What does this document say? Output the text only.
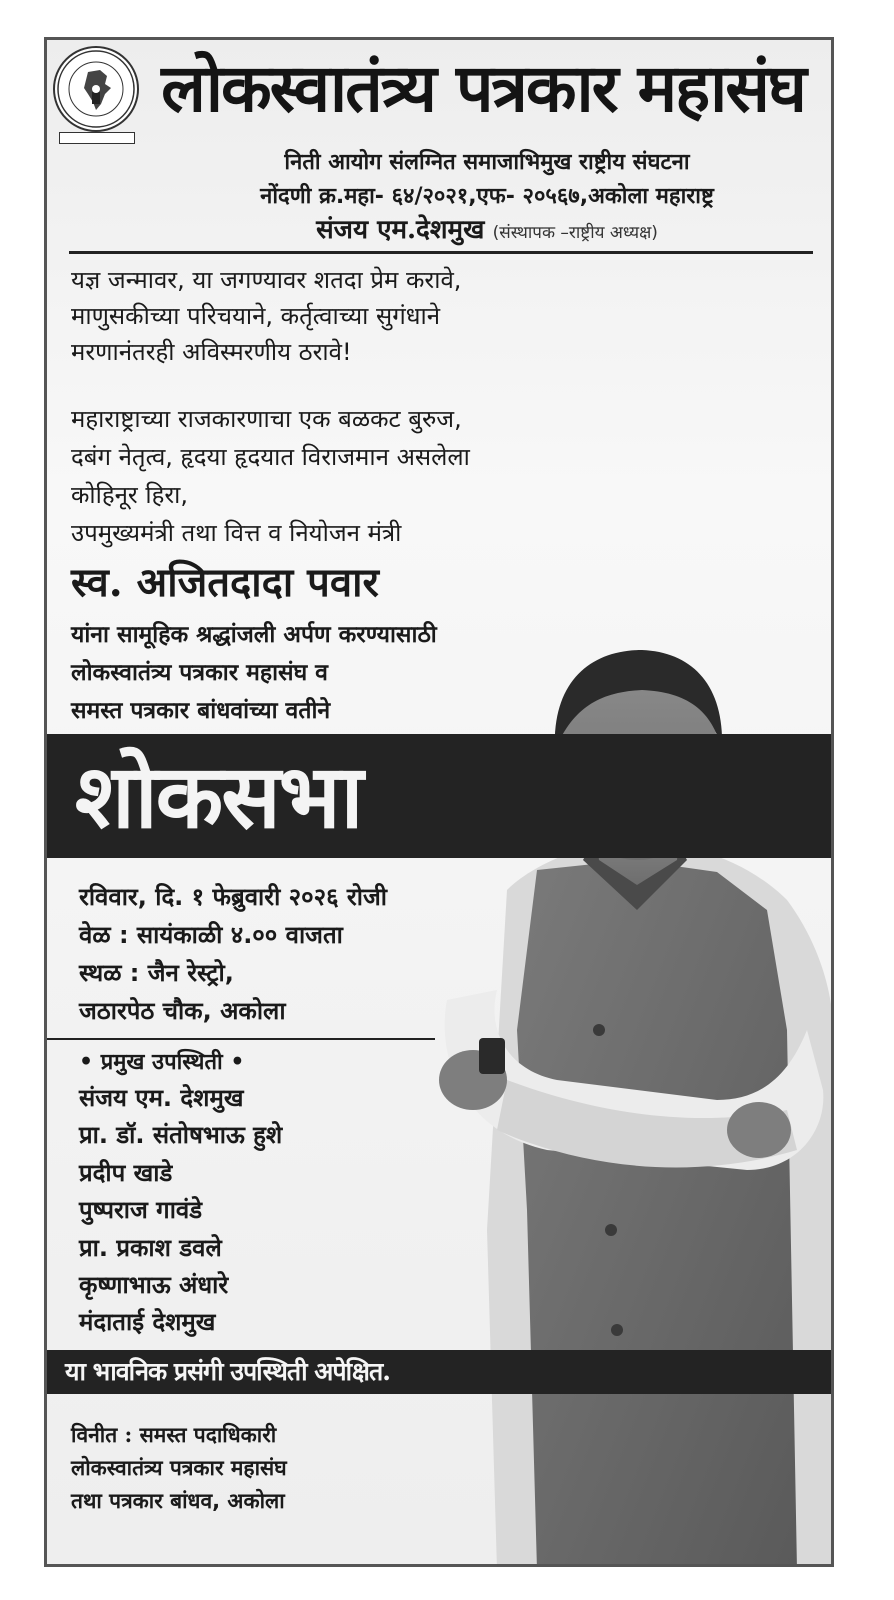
लोकस्वातंत्र्य पत्रकार महासंघ
निती आयोग संलग्नित समाजाभिमुख राष्ट्रीय संघटना
नोंदणी क्र.महा- ६४/२०२१,एफ- २०५६७,अकोला महाराष्ट्र
संजय एम.देशमुख (संस्थापक –राष्ट्रीय अध्यक्ष)
यज्ञ जन्मावर, या जगण्यावर शतदा प्रेम करावे,
माणुसकीच्या परिचयाने, कर्तृत्वाच्या सुगंधाने
मरणानंतरही अविस्मरणीय ठरावे!
महाराष्ट्राच्या राजकारणाचा एक बळकट बुरुज,
दबंग नेतृत्व, हृदया हृदयात विराजमान असलेला
कोहिनूर हिरा,
उपमुख्यमंत्री तथा वित्त व नियोजन मंत्री
स्व. अजितदादा पवार
यांना सामूहिक श्रद्धांजली अर्पण करण्यासाठी
लोकस्वातंत्र्य पत्रकार महासंघ व
समस्त पत्रकार बांधवांच्या वतीने
शोकसभा
रविवार, दि. १ फेब्रुवारी २०२६ रोजी
वेळ : सायंकाळी ४.०० वाजता
स्थळ : जैन रेस्ट्रो,
जठारपेठ चौक, अकोला
• प्रमुख उपस्थिती •
संजय एम. देशमुख
प्रा. डॉ. संतोषभाऊ हुशे
प्रदीप खाडे
पुष्पराज गावंडे
प्रा. प्रकाश डवले
कृष्णाभाऊ अंधारे
मंदाताई देशमुख
या भावनिक प्रसंगी उपस्थिती अपेक्षित.
विनीत : समस्त पदाधिकारी
लोकस्वातंत्र्य पत्रकार महासंघ
तथा पत्रकार बांधव, अकोला
